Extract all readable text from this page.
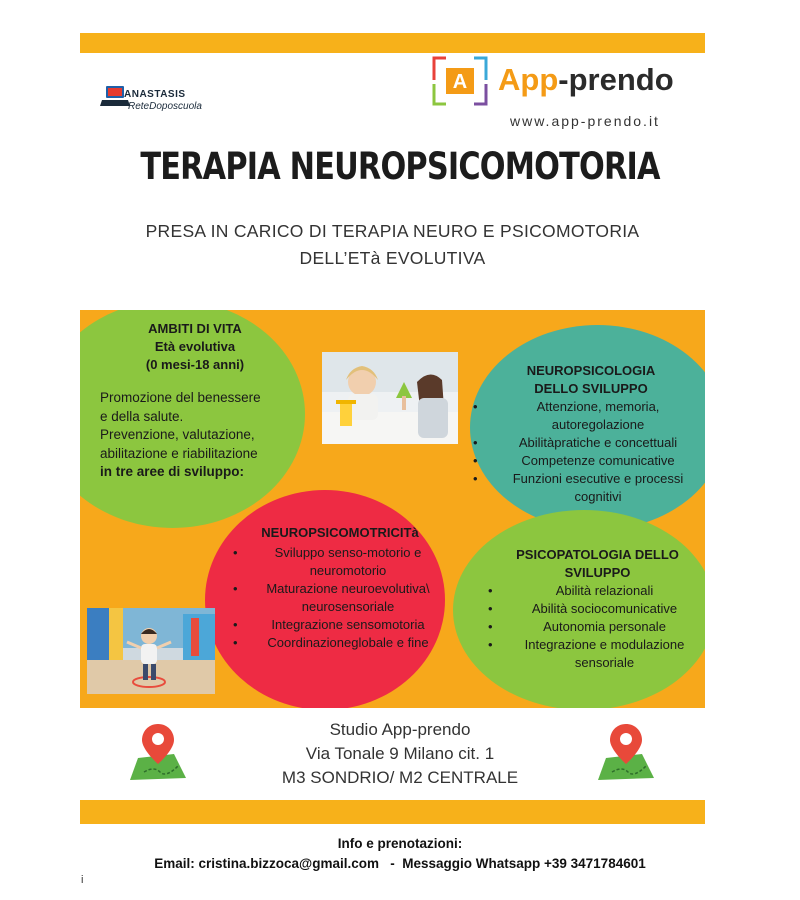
ANASTASIS
ReteDoposcuola
A App-prendo
www.app-prendo.it
TERAPIA NEUROPSICOMOTORIA
PRESA IN CARICO DI TERAPIA NEURO E PSICOMOTORIA
DELL’ETà EVOLUTIVA
AMBITI DI VITA
Età evolutiva
(0 mesi-18 anni)
Promozione del benessere
e della salute.
Prevenzione, valutazione,
abilitazione e riabilitazione
in tre aree di sviluppo:
NEUROPSICOLOGIA
DELLO SVILUPPO
• Attenzione, memoria, autoregolazione
• Abilitàpratiche e concettuali
• Competenze comunicative
• Funzioni esecutive e processi cognitivi
NEUROPSICOMOTRICITà
• Sviluppo senso-motorio e neuromotorio
• Maturazione neuroevolutiva\ neurosensoriale
• Integrazione sensomotoria
• Coordinazioneglobale e fine
PSICOPATOLOGIA DELLO
SVILUPPO
• Abilità relazionali
• Abilità sociocomunicative
• Autonomia personale
• Integrazione e modulazione sensoriale
Studio App-prendo
Via Tonale 9 Milano cit. 1
M3 SONDRIO/ M2 CENTRALE
Info e prenotazioni:
Email: cristina.bizzoca@gmail.com   -  Messaggio Whatsapp +39 3471784601
i
